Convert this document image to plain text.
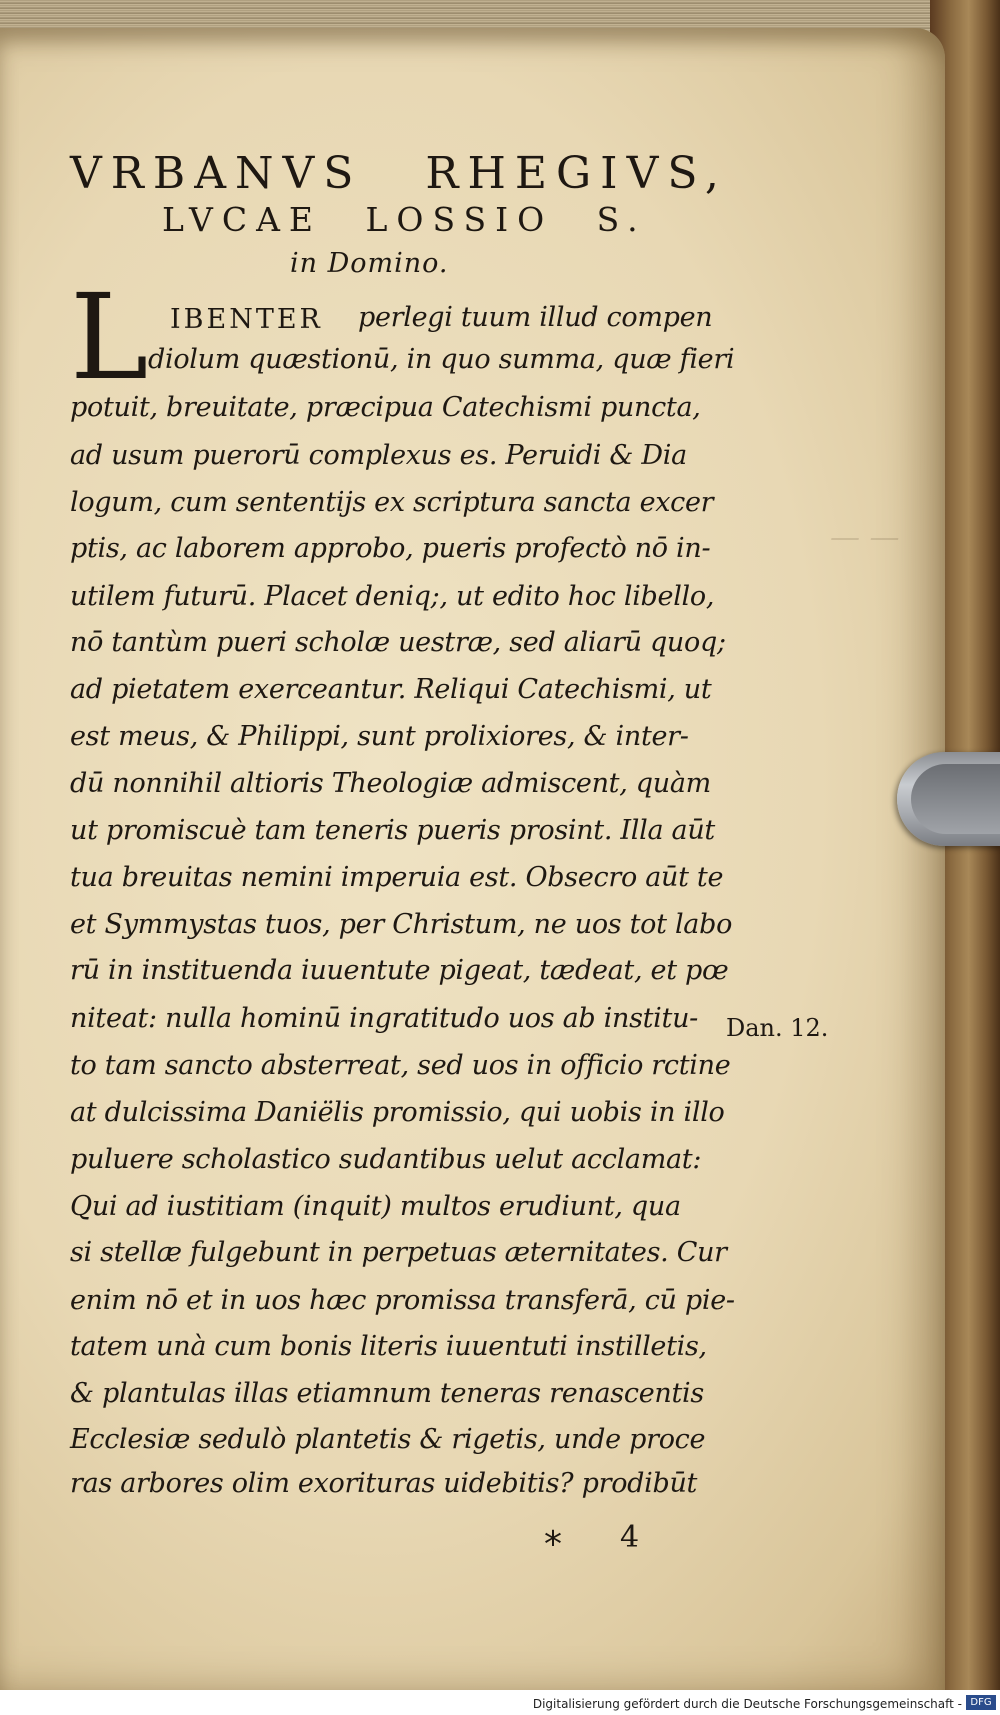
— —
VRBANVS RHEGIVS,
LVCAE LOSSIO S.
in Domino.
L IBENTER perlegi tuum illud compen
diolum quæstionū, in quo summa, quæ fieri
potuit, breuitate, præcipua Catechismi puncta,
ad usum puerorū complexus es. Peruidi & Dia
logum, cum sententijs ex scriptura sancta excer
ptis, ac laborem approbo, pueris profectò nō in-
utilem futurū. Placet deniq;, ut edito hoc libello,
nō tantùm pueri scholæ uestræ, sed aliarū quoq;
ad pietatem exerceantur. Reliqui Catechismi, ut
est meus, & Philippi, sunt prolixiores, & inter-
dū nonnihil altioris Theologiæ admiscent, quàm
ut promiscuè tam teneris pueris prosint. Illa aūt
tua breuitas nemini imperuia est. Obsecro aūt te
et Symmystas tuos, per Christum, ne uos tot labo
rū in instituenda iuuentute pigeat, tædeat, et pœ
niteat: nulla hominū ingratitudo uos ab institu-
to tam sancto absterreat, sed uos in officio rctine
at dulcissima Daniëlis promissio, qui uobis in illo
puluere scholastico sudantibus uelut acclamat:
Qui ad iustitiam (inquit) multos erudiunt, qua
si stellæ fulgebunt in perpetuas æternitates. Cur
enim nō et in uos hæc promissa transferā, cū pie-
tatem unà cum bonis literis iuuentuti instilletis,
& plantulas illas etiamnum teneras renascentis
Ecclesiæ sedulò plantetis & rigetis, unde proce
ras arbores olim exorituras uidebitis? prodibūt
Dan. 12.
* 4
Digitalisierung gefördert durch die Deutsche Forschungsgemeinschaft - DFG
